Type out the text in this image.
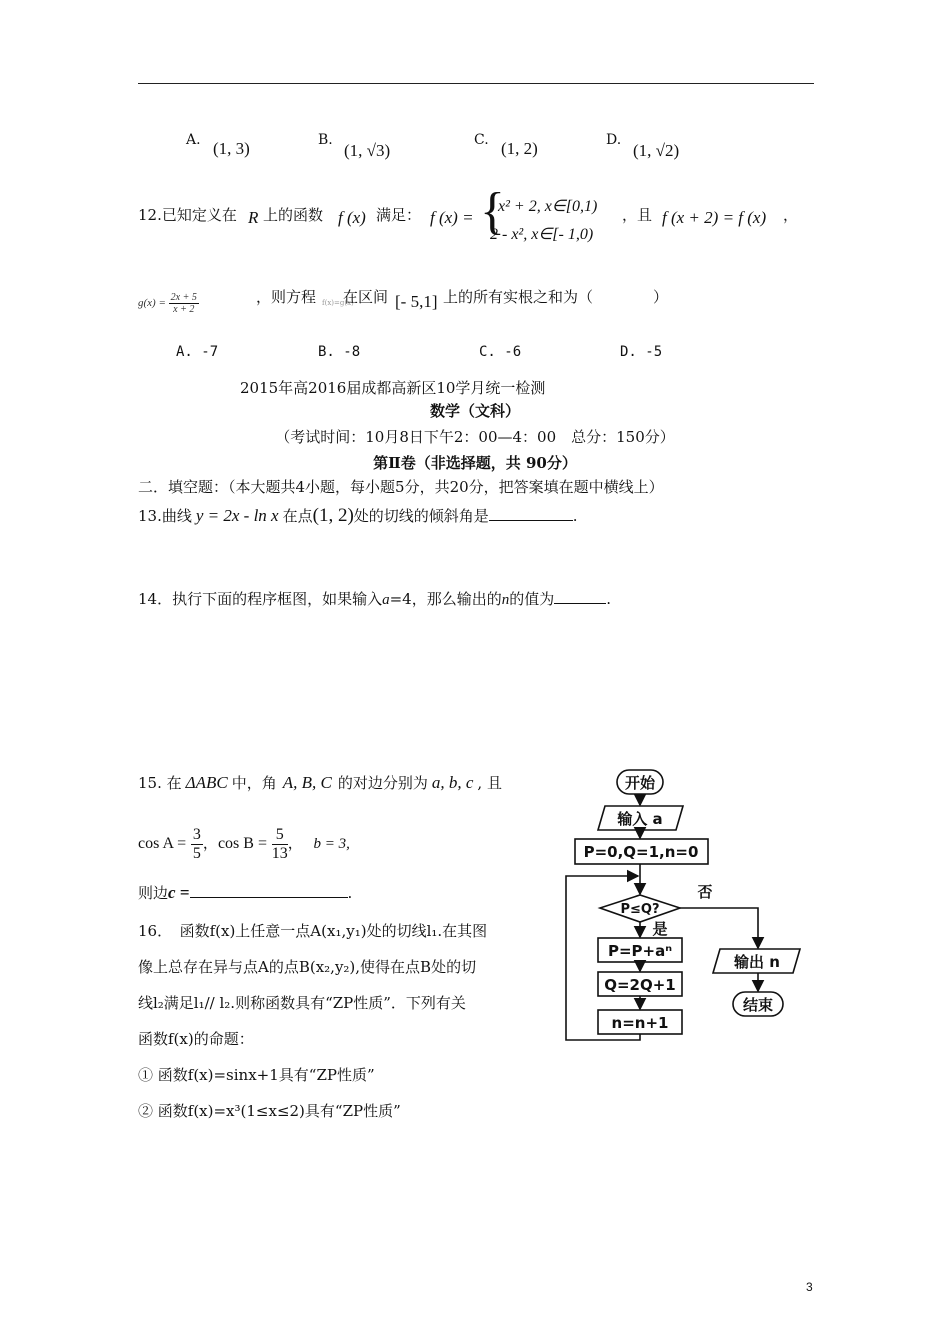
A. (1, 3)	B.
(1, √3)
C. (1, 2)	D.
(1, √2)
12.已知定义在 R 上的函数 f (x) 满足： f (x) = {
x² + 2, x∈[0,1)
2 - x², x∈[- 1,0)
，且 f (x + 2) = f (x) ，
$g(x) = \frac{2x + 5}{x + 2}$	，则方程 f(x)=g(x)
在区间 [- 5,1] 上的所有实根之和为（　　　　）
A. -7	B. -8	C. -6	D. -5
2015年高2016届成都高新区10学月统一检测
数学（文科）
（考试时间：10月8日下午2：00—4：00　总分：150分）
第Ⅱ卷（非选择题，共 90分）
二．填空题：（本大题共4小题，每小题5分，共20分，把答案填在题中横线上）
13.曲线 y = 2x - ln x 在点(1, 2)处的切线的倾斜角是	.
14．执行下面的程序框图，如果输入a=4，那么输出的n的值为	.
15. 在 ΔABC 中，角 A, B, C 的对边分别为 a, b, c , 且
$\cos A = \frac{3}{5}$ ，$\cos B = \frac{5}{13}$ ， b = 3,
则边c =	.
16．　函数f(x)上任意一点A(x₁,y₁)处的切线l₁.在其图
像上总存在异与点A的点B(x₂,y₂),使得在点B处的切
线l₂满足l₁// l₂.则称函数具有“ZP性质”．下列有关
函数f(x)的命题：
① 函数f(x)=sinx+1具有“ZP性质”
② 函数f(x)=x³(1≤x≤2)具有“ZP性质”
开始
输入 a
P=0,Q=1,n=0
P≤Q?
否
是
P=P+aⁿ
Q=2Q+1
n=n+1
输出 n
结束
3
